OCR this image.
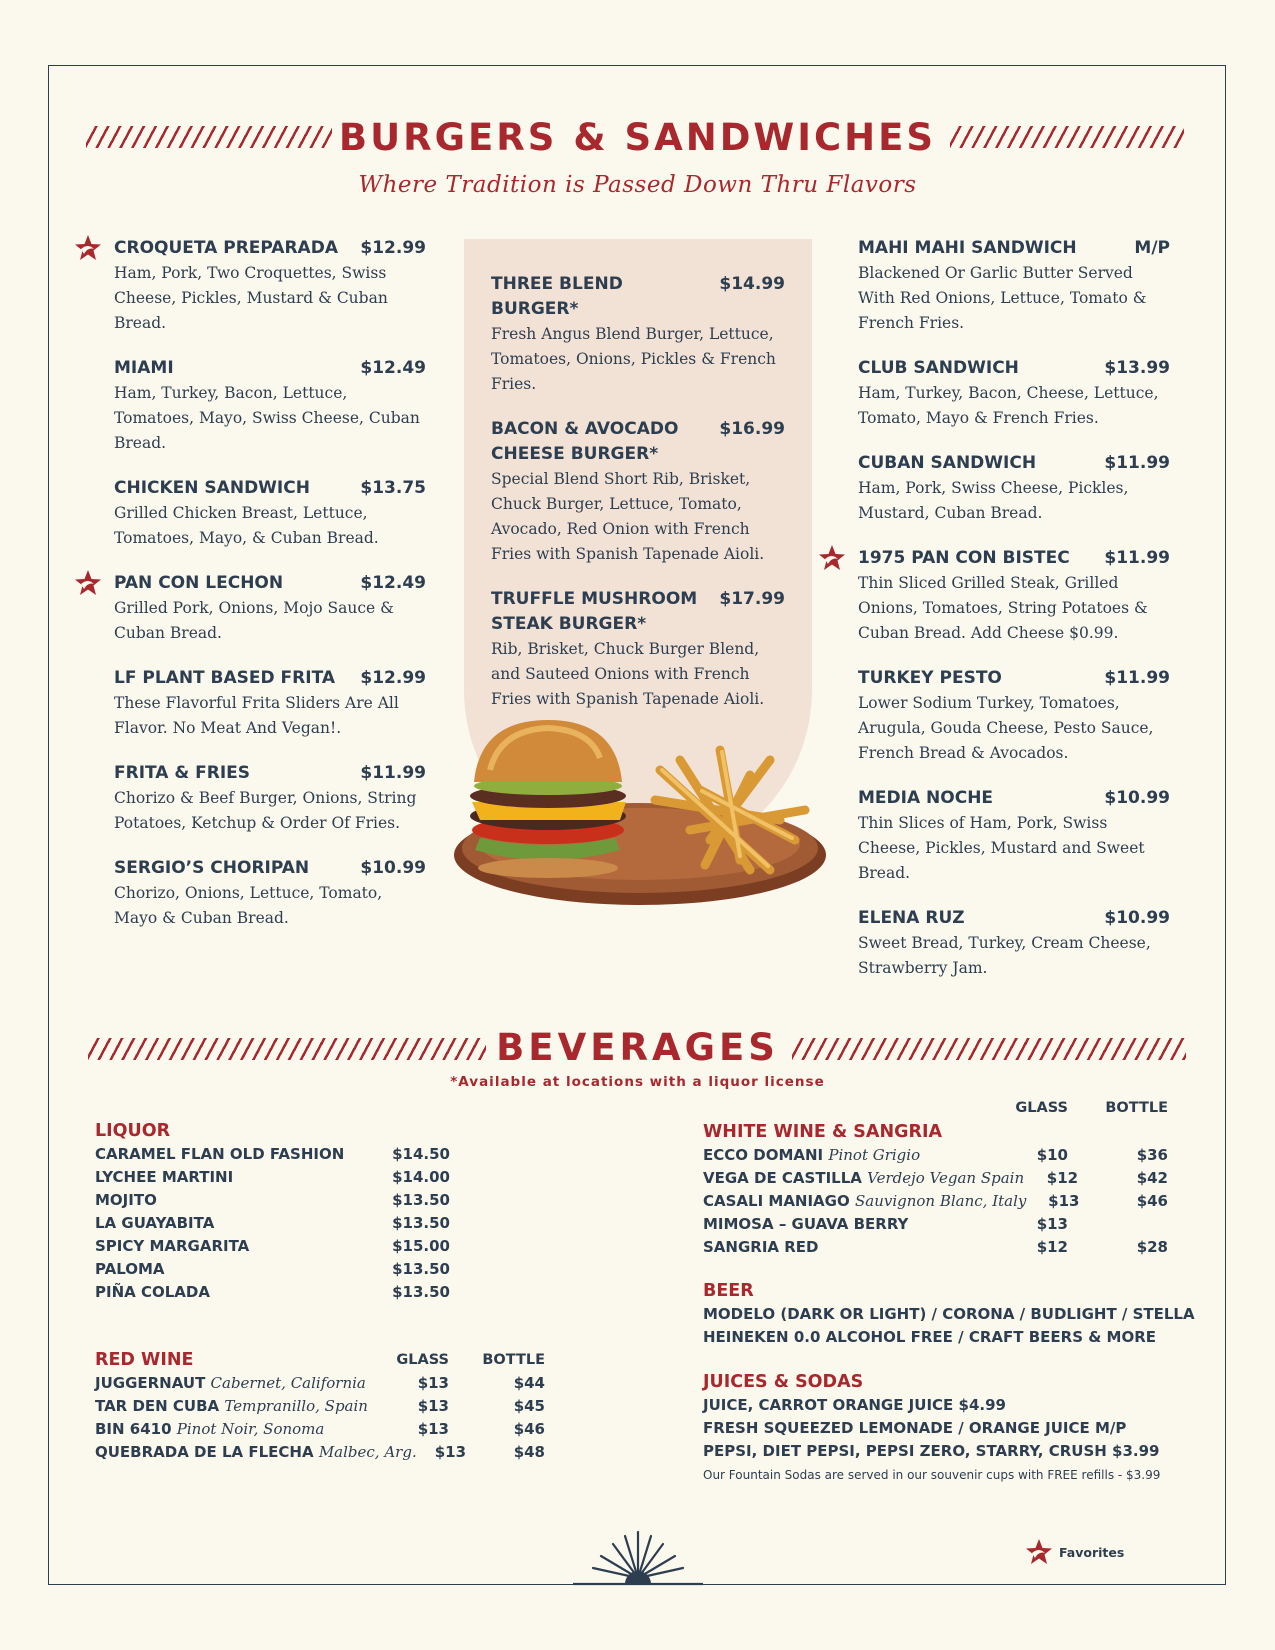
BURGERS & SANDWICHES
Where Tradition is Passed Down Thru Flavors
CROQUETA PREPARADA	$12.99
Ham, Pork, Two Croquettes, Swiss Cheese, Pickles, Mustard & Cuban Bread.
MIAMI	$12.49
Ham, Turkey, Bacon, Lettuce, Tomatoes, Mayo, Swiss Cheese, Cuban Bread.
CHICKEN SANDWICH	$13.75
Grilled Chicken Breast, Lettuce, Tomatoes, Mayo, & Cuban Bread.
PAN CON LECHON	$12.49
Grilled Pork, Onions, Mojo Sauce & Cuban Bread.
LF PLANT BASED FRITA	$12.99
These Flavorful Frita Sliders Are All Flavor. No Meat And Vegan!.
FRITA & FRIES	$11.99
Chorizo & Beef Burger, Onions, String Potatoes, Ketchup & Order Of Fries.
SERGIO’S CHORIPAN	$10.99
Chorizo, Onions, Lettuce, Tomato, Mayo & Cuban Bread.
THREE BLEND BURGER*
$14.99
Fresh Angus Blend Burger, Lettuce, Tomatoes, Onions, Pickles & French Fries.
BACON & AVOCADO CHEESE BURGER*
$16.99
Special Blend Short Rib, Brisket, Chuck Burger, Lettuce, Tomato, Avocado, Red Onion with French Fries with Spanish Tapenade Aioli.
TRUFFLE MUSHROOM STEAK BURGER*
$17.99
Rib, Brisket, Chuck Burger Blend, and Sauteed Onions with French Fries with Spanish Tapenade Aioli.
MAHI MAHI SANDWICH	M/P
Blackened Or Garlic Butter Served With Red Onions, Lettuce, Tomato & French Fries.
CLUB SANDWICH	$13.99
Ham, Turkey, Bacon, Cheese, Lettuce, Tomato, Mayo & French Fries.
CUBAN SANDWICH	$11.99
Ham, Pork, Swiss Cheese, Pickles, Mustard, Cuban Bread.
1975 PAN CON BISTEC	$11.99
Thin Sliced Grilled Steak, Grilled Onions, Tomatoes, String Potatoes & Cuban Bread. Add Cheese $0.99.
TURKEY PESTO	$11.99
Lower Sodium Turkey, Tomatoes, Arugula, Gouda Cheese, Pesto Sauce, French Bread & Avocados.
MEDIA NOCHE	$10.99
Thin Slices of Ham, Pork, Swiss Cheese, Pickles, Mustard and Sweet Bread.
ELENA RUZ	$10.99
Sweet Bread, Turkey, Cream Cheese, Strawberry Jam.
BEVERAGES
*Available at locations with a liquor license
LIQUOR
CARAMEL FLAN OLD FASHION	$14.50
LYCHEE MARTINI	$14.00
MOJITO	$13.50
LA GUAYABITA	$13.50
SPICY MARGARITA	$15.00
PALOMA	$13.50
PIÑA COLADA	$13.50
RED WINE	GLASS	BOTTLE
JUGGERNAUT Cabernet, California	$13	$44
TAR DEN CUBA Tempranillo, Spain	$13	$45
BIN 6410 Pinot Noir, Sonoma	$13	$46
QUEBRADA DE LA FLECHA Malbec, Arg.	$13	$48
GLASS	BOTTLE
WHITE WINE & SANGRIA
ECCO DOMANI Pinot Grigio	$10	$36
VEGA DE CASTILLA Verdejo Vegan Spain	$12	$42
CASALI MANIAGO Sauvignon Blanc, Italy	$13	$46
MIMOSA – GUAVA BERRY	$13
SANGRIA RED	$12	$28
BEER
MODELO (DARK OR LIGHT) / CORONA / BUDLIGHT / STELLA
HEINEKEN 0.0 ALCOHOL FREE / CRAFT BEERS & MORE
JUICES & SODAS
JUICE, CARROT ORANGE JUICE $4.99
FRESH SQUEEZED LEMONADE / ORANGE JUICE M/P
PEPSI, DIET PEPSI, PEPSI ZERO, STARRY, CRUSH $3.99
Our Fountain Sodas are served in our souvenir cups with FREE refills - $3.99
Favorites
